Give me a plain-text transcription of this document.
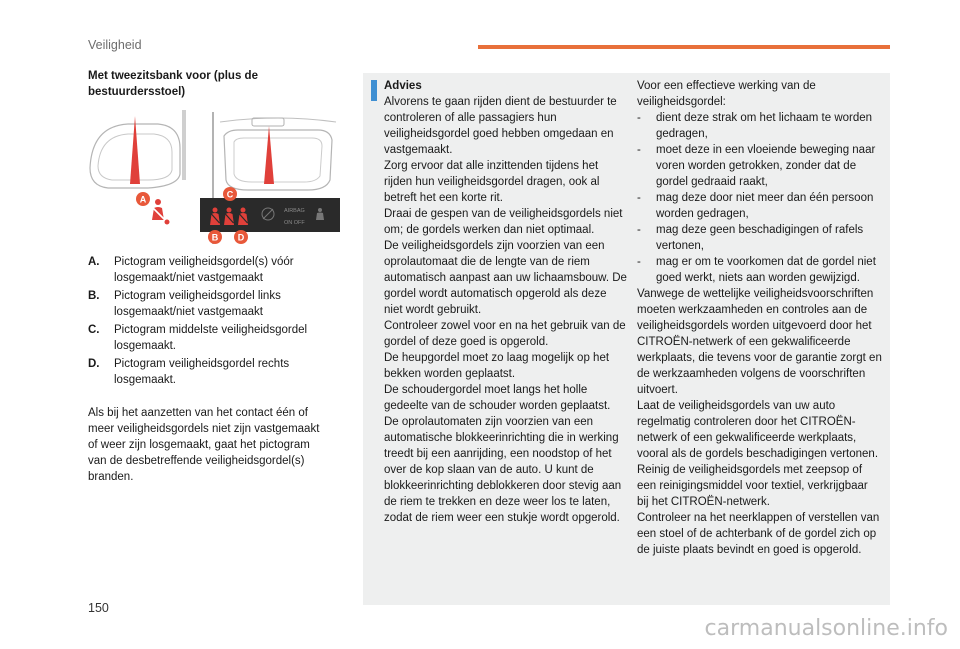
Veiligheid
Met tweezitsbank voor (plus de bestuurdersstoel)
AIRBAG
ON OFF
A
B
C
D
A.	Pictogram veiligheidsgordel(s) vóór losgemaakt/niet vastgemaakt
B.	Pictogram veiligheidsgordel links losgemaakt/niet vastgemaakt
C.	Pictogram middelste veiligheidsgordel losgemaakt.
D.	Pictogram veiligheidsgordel rechts losgemaakt.
Als bij het aanzetten van het contact één of meer veiligheidsgordels niet zijn vastgemaakt of weer zijn losgemaakt, gaat het pictogram van de desbetreffende veiligheidsgordel(s) branden.

Advies

Alvorens te gaan rijden dient de bestuurder te controleren of alle passagiers hun veiligheidsgordel goed hebben omgedaan en vastgemaakt.

Zorg ervoor dat alle inzittenden tijdens het rijden hun veiligheidsgordel dragen, ook al betreft het een korte rit.

Draai de gespen van de veiligheidsgordels niet om; de gordels werken dan niet optimaal.

De veiligheidsgordels zijn voorzien van een oprolautomaat die de lengte van de riem automatisch aanpast aan uw lichaamsbouw. De gordel wordt automatisch opgerold als deze niet wordt gebruikt.

Controleer zowel voor en na het gebruik van de gordel of deze goed is opgerold.

De heupgordel moet zo laag mogelijk op het bekken worden geplaatst.

De schoudergordel moet langs het holle gedeelte van de schouder worden geplaatst.

De oprolautomaten zijn voorzien van een automatische blokkeerinrichting die in werking treedt bij een aanrijding, een noodstop of het over de kop slaan van de auto. U kunt de blokkeerinrichting deblokkeren door stevig aan de riem te trekken en deze weer los te laten, zodat de riem weer een stukje wordt opgerold.

Voor een effectieve werking van de veiligheidsgordel:

-	dient deze strak om het lichaam te worden gedragen,
-	moet deze in een vloeiende beweging naar voren worden getrokken, zonder dat de gordel gedraaid raakt,
-	mag deze door niet meer dan één persoon worden gedragen,
-	mag deze geen beschadigingen of rafels vertonen,
-	mag er om te voorkomen dat de gordel niet goed werkt, niets aan worden gewijzigd.

Vanwege de wettelijke veiligheidsvoorschriften moeten werkzaamheden en controles aan de veiligheidsgordels worden uitgevoerd door het CITROËN-netwerk of een gekwalificeerde werkplaats, die tevens voor de garantie zorgt en de werkzaamheden volgens de voorschriften uitvoert.

Laat de veiligheidsgordels van uw auto regelmatig controleren door het CITROËN-netwerk of een gekwalificeerde werkplaats, vooral als de gordels beschadigingen vertonen.

Reinig de veiligheidsgordels met zeepsop of een reinigingsmiddel voor textiel, verkrijgbaar bij het CITROËN-netwerk.

Controleer na het neerklappen of verstellen van een stoel of de achterbank of de gordel zich op de juiste plaats bevindt en goed is opgerold.

150
carmanualsonline.info
